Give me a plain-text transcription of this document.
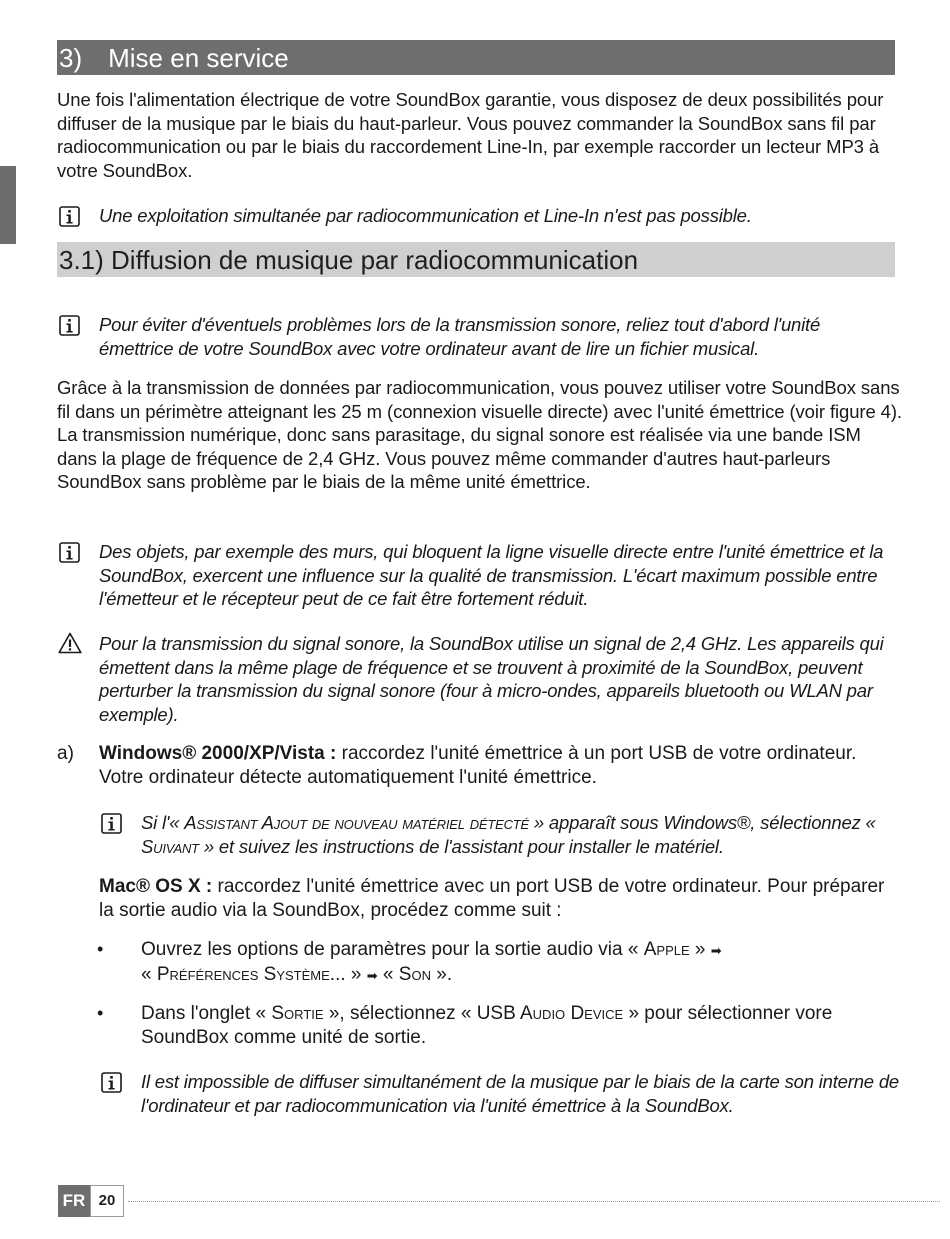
3) Mise en service

Une fois l'alimentation électrique de votre SoundBox garantie, vous disposez de deux possibilités pour diffuser de la musique par le biais du haut-parleur. Vous pouvez commander la SoundBox sans fil par radiocommunication ou par le biais du raccordement Line-In, par exemple raccorder un lecteur MP3 à votre SoundBox.

Une exploitation simultanée par radiocommunication et Line-In n'est pas possible.
3.1) Diffusion de musique par radiocommunication
Pour éviter d'éventuels problèmes lors de la transmission sonore, reliez tout d'abord l'unité émettrice de votre SoundBox avec votre ordinateur avant de lire un fichier musical.

Grâce à la transmission de données par radiocommunication, vous pouvez utiliser votre SoundBox sans fil dans un périmètre atteignant les 25 m (connexion visuelle directe) avec l'unité émettrice (voir figure 4). La transmission numérique, donc sans parasitage, du signal sonore est réalisée via une bande ISM dans la plage de fréquence de 2,4 GHz. Vous pouvez même commander d'autres haut-parleurs SoundBox sans problème par le biais de la même unité émettrice.

Des objets, par exemple des murs, qui bloquent la ligne visuelle directe entre l'unité émettrice et la SoundBox, exercent une influence sur la qualité de transmission. L'écart maximum possible entre l'émetteur et le récepteur peut de ce fait être fortement réduit.
Pour la transmission du signal sonore, la SoundBox utilise un signal de 2,4 GHz. Les appareils qui émettent dans la même plage de fréquence et se trouvent à proximité de la SoundBox, peuvent perturber la transmission du signal sonore (four à micro-ondes, appareils bluetooth ou WLAN par exemple).
a) Windows® 2000/XP/Vista : raccordez l'unité émettrice à un port USB de votre ordinateur. Votre ordinateur détecte automatiquement l'unité émettrice.
Si l'« Assistant Ajout de nouveau matériel détecté » apparaît sous Windows®, sélectionnez « Suivant » et suivez les instructions de l'assistant pour installer le matériel.
Mac® OS X : raccordez l'unité émettrice avec un port USB de votre ordinateur. Pour préparer la sortie audio via la SoundBox, procédez comme suit :
• Ouvrez les options de paramètres pour la sortie audio via « Apple » ➡
« Préférences Système... » ➡ « Son ».
• Dans l'onglet « Sortie », sélectionnez « USB Audio Device » pour sélectionner vore SoundBox comme unité de sortie.
Il est impossible de diffuser simultanément de la musique par le biais de la carte son interne de l'ordinateur et par radiocommunication via l'unité émettrice à la SoundBox.
FR 20
